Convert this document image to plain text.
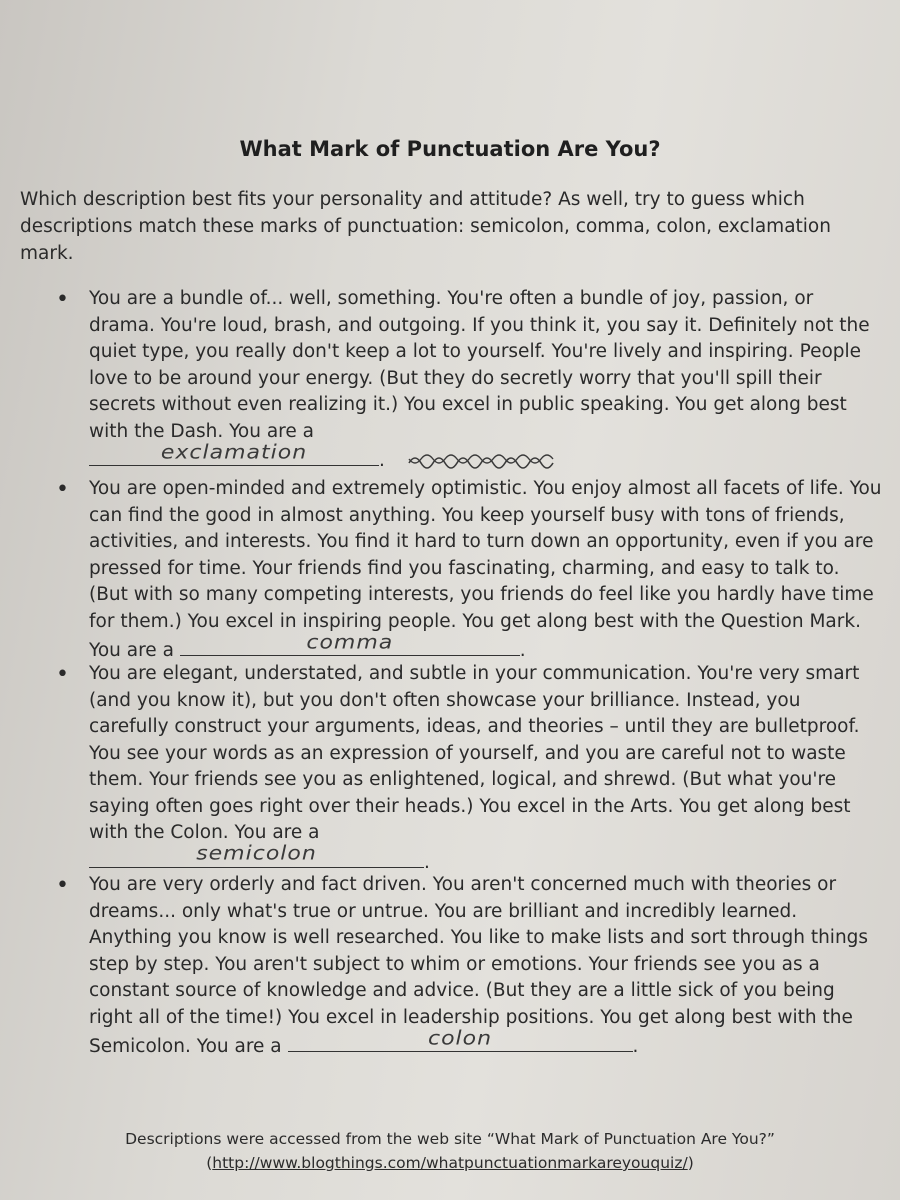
What Mark of Punctuation Are You?
Which description best fits your personality and attitude? As well, try to guess which descriptions match these marks of punctuation: semicolon, comma, colon, exclamation mark.
• You are a bundle of... well, something. You're often a bundle of joy, passion, or drama. You're loud, brash, and outgoing. If you think it, you say it. Definitely not the quiet type, you really don't keep a lot to yourself. You're lively and inspiring. People love to be around your energy. (But they do secretly worry that you'll spill their secrets without even realizing it.) You excel in public speaking. You get along best with the Dash. You are a

exclamation	.
• You are open-minded and extremely optimistic. You enjoy almost all facets of life. You can find the good in almost anything. You keep yourself busy with tons of friends, activities, and interests. You find it hard to turn down an opportunity, even if you are pressed for time. Your friends find you fascinating, charming, and easy to talk to. (But with so many competing interests, you friends do feel like you hardly have time for them.) You excel in inspiring people. You get along best with the Question Mark. You are a	comma	.
• You are elegant, understated, and subtle in your communication. You're very smart (and you know it), but you don't often showcase your brilliance. Instead, you carefully construct your arguments, ideas, and theories – until they are bulletproof. You see your words as an expression of yourself, and you are careful not to waste them. Your friends see you as enlightened, logical, and shrewd. (But what you're saying often goes right over their heads.) You excel in the Arts. You get along best with the Colon. You are a

semicolon	.
• You are very orderly and fact driven. You aren't concerned much with theories or dreams... only what's true or untrue. You are brilliant and incredibly learned. Anything you know is well researched. You like to make lists and sort through things step by step. You aren't subject to whim or emotions. Your friends see you as a constant source of knowledge and advice. (But they are a little sick of you being right all of the time!) You excel in leadership positions. You get along best with the Semicolon. You are a	colon	.
Descriptions were accessed from the web site “What Mark of Punctuation Are You?”
(http://www.blogthings.com/whatpunctuationmarkareyouquiz/)
